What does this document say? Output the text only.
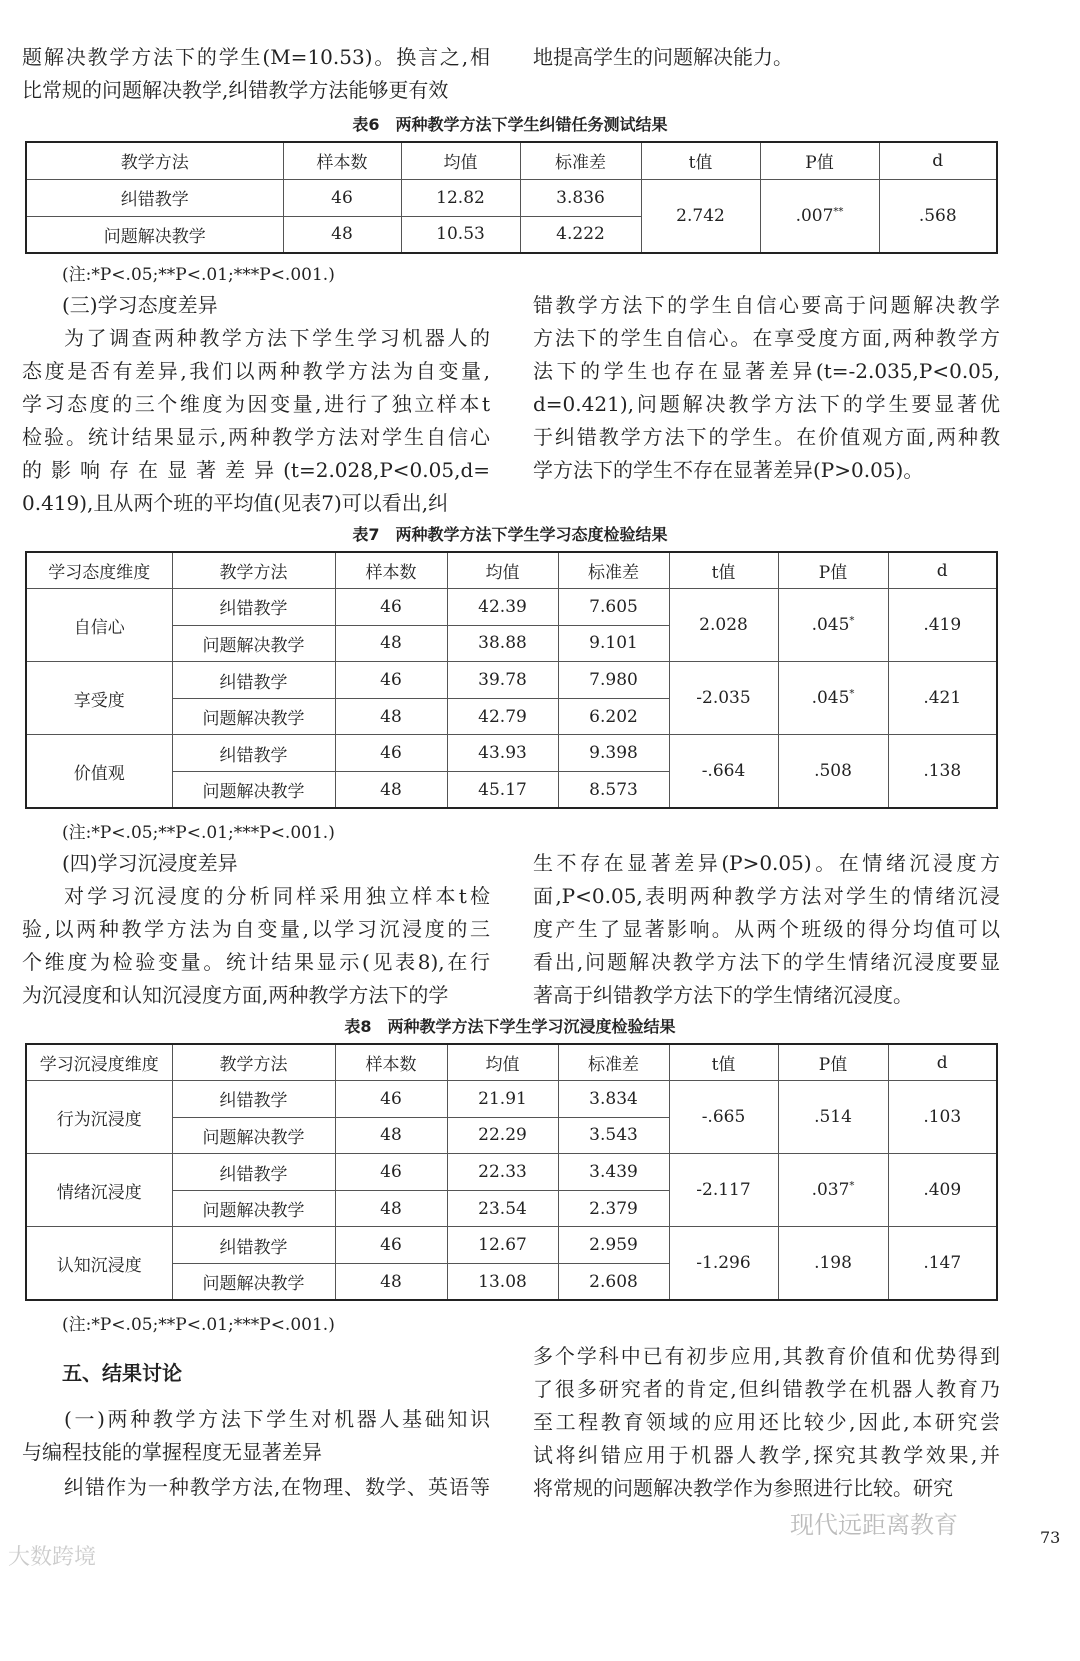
题解决教学方法下的学生(M=10.53)。换言之,相
比常规的问题解决教学,纠错教学方法能够更有效
地提高学生的问题解决能力。
表6　两种教学方法下学生纠错任务测试结果
教学方法	样本数	均值	标准差	t值	P值	d
纠错教学	46	12.82	3.836	2.742	.007**	.568
问题解决教学	48	10.53	4.222			
(注:*P<.05;**P<.01;***P<.001.)
(三)学习态度差异
为了调查两种教学方法下学生学习机器人的
态度是否有差异,我们以两种教学方法为自变量,
学习态度的三个维度为因变量,进行了独立样本t
检验。统计结果显示,两种教学方法对学生自信心
的影响存在显著差异(t=2.028,P<0.05,d=
0.419),且从两个班的平均值(见表7)可以看出,纠
错教学方法下的学生自信心要高于问题解决教学
方法下的学生自信心。在享受度方面,两种教学方
法下的学生也存在显著差异(t=-2.035,P<0.05,
d=0.421),问题解决教学方法下的学生要显著优
于纠错教学方法下的学生。在价值观方面,两种教
学方法下的学生不存在显著差异(P>0.05)。
表7　两种教学方法下学生学习态度检验结果
学习态度维度	教学方法	样本数	均值	标准差	t值	P值	d
自信心	纠错教学	46	42.39	7.605	2.028	.045*	.419
	问题解决教学	48	38.88	9.101			
享受度	纠错教学	46	39.78	7.980	-2.035	.045*	.421
	问题解决教学	48	42.79	6.202			
价值观	纠错教学	46	43.93	9.398	-.664	.508	.138
	问题解决教学	48	45.17	8.573			
(注:*P<.05;**P<.01;***P<.001.)
(四)学习沉浸度差异
对学习沉浸度的分析同样采用独立样本t检
验,以两种教学方法为自变量,以学习沉浸度的三
个维度为检验变量。统计结果显示(见表8),在行
为沉浸度和认知沉浸度方面,两种教学方法下的学
生不存在显著差异(P>0.05)。在情绪沉浸度方
面,P<0.05,表明两种教学方法对学生的情绪沉浸
度产生了显著影响。从两个班级的得分均值可以
看出,问题解决教学方法下的学生情绪沉浸度要显
著高于纠错教学方法下的学生情绪沉浸度。
表8　两种教学方法下学生学习沉浸度检验结果
学习沉浸度维度	教学方法	样本数	均值	标准差	t值	P值	d
行为沉浸度	纠错教学	46	21.91	3.834	-.665	.514	.103
	问题解决教学	48	22.29	3.543			
情绪沉浸度	纠错教学	46	22.33	3.439	-2.117	.037*	.409
	问题解决教学	48	23.54	2.379			
认知沉浸度	纠错教学	46	12.67	2.959	-1.296	.198	.147
	问题解决教学	48	13.08	2.608			
(注:*P<.05;**P<.01;***P<.001.)
五、结果讨论
(一)两种教学方法下学生对机器人基础知识
与编程技能的掌握程度无显著差异
纠错作为一种教学方法,在物理、数学、英语等
多个学科中已有初步应用,其教育价值和优势得到
了很多研究者的肯定,但纠错教学在机器人教育乃
至工程教育领域的应用还比较少,因此,本研究尝
试将纠错应用于机器人教学,探究其教学效果,并
将常规的问题解决教学作为参照进行比较。研究
现代远距离教育	73
大数跨境
